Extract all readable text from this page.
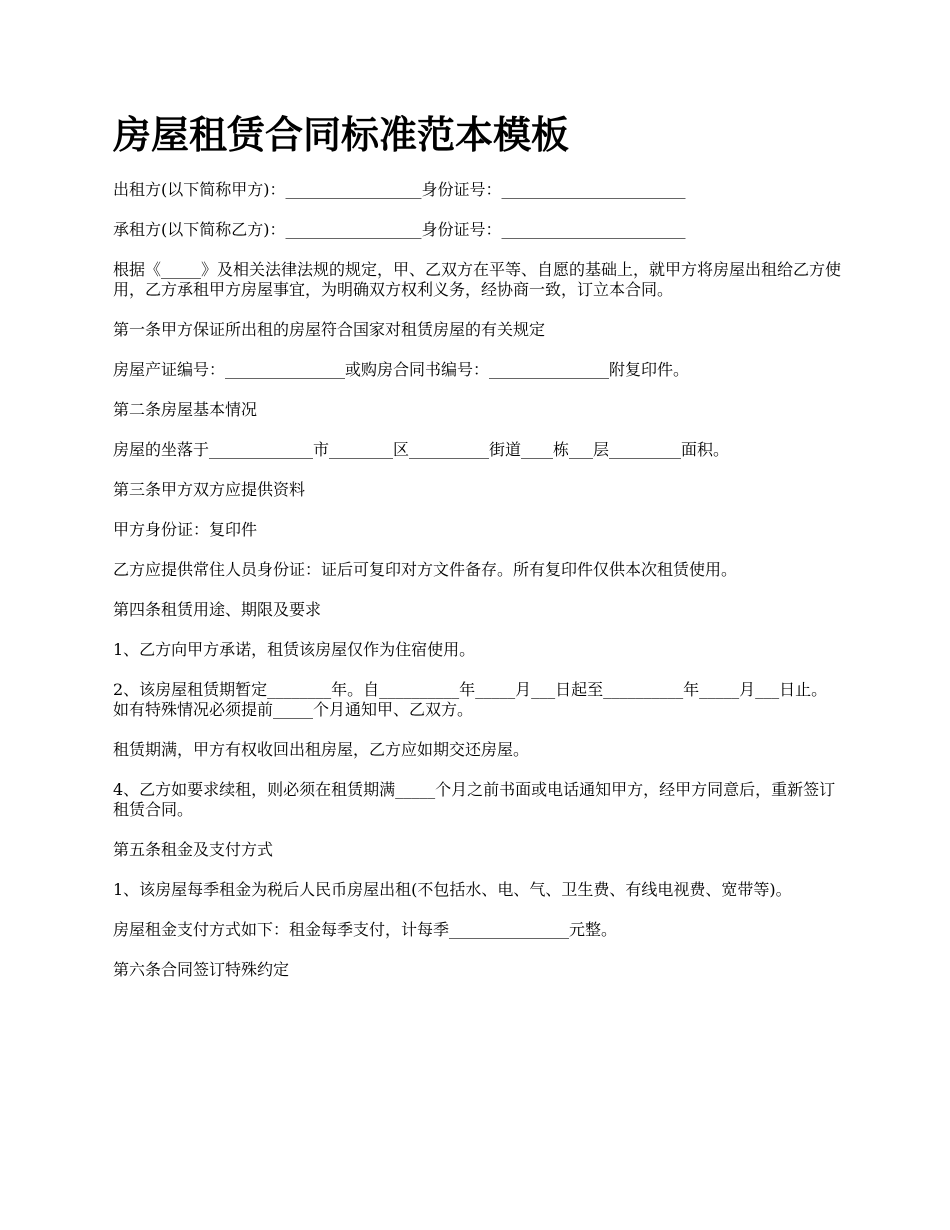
房屋租赁合同标准范本模板

出租方(以下简称甲方)：_________________身份证号：_______________________

承租方(以下简称乙方)：_________________身份证号：_______________________

根据《_____》及相关法律法规的规定，甲、乙双方在平等、自愿的基础上，就甲方将房屋出租给乙方使用，乙方承租甲方房屋事宜，为明确双方权利义务，经协商一致，订立本合同。

第一条甲方保证所出租的房屋符合国家对租赁房屋的有关规定

房屋产证编号：_______________或购房合同书编号：_______________附复印件。

第二条房屋基本情况

房屋的坐落于_____________市________区__________街道____栋___层_________面积。

第三条甲方双方应提供资料

甲方身份证：复印件

乙方应提供常住人员身份证：证后可复印对方文件备存。所有复印件仅供本次租赁使用。

第四条租赁用途、期限及要求

1、乙方向甲方承诺，租赁该房屋仅作为住宿使用。

2、该房屋租赁期暂定________年。自__________年_____月___日起至__________年_____月___日止。如有特殊情况必须提前_____个月通知甲、乙双方。

租赁期满，甲方有权收回出租房屋，乙方应如期交还房屋。

4、乙方如要求续租，则必须在租赁期满_____个月之前书面或电话通知甲方，经甲方同意后，重新签订租赁合同。

第五条租金及支付方式

1、该房屋每季租金为税后人民币房屋出租(不包括水、电、气、卫生费、有线电视费、宽带等)。

房屋租金支付方式如下：租金每季支付，计每季_______________元整。

第六条合同签订特殊约定
